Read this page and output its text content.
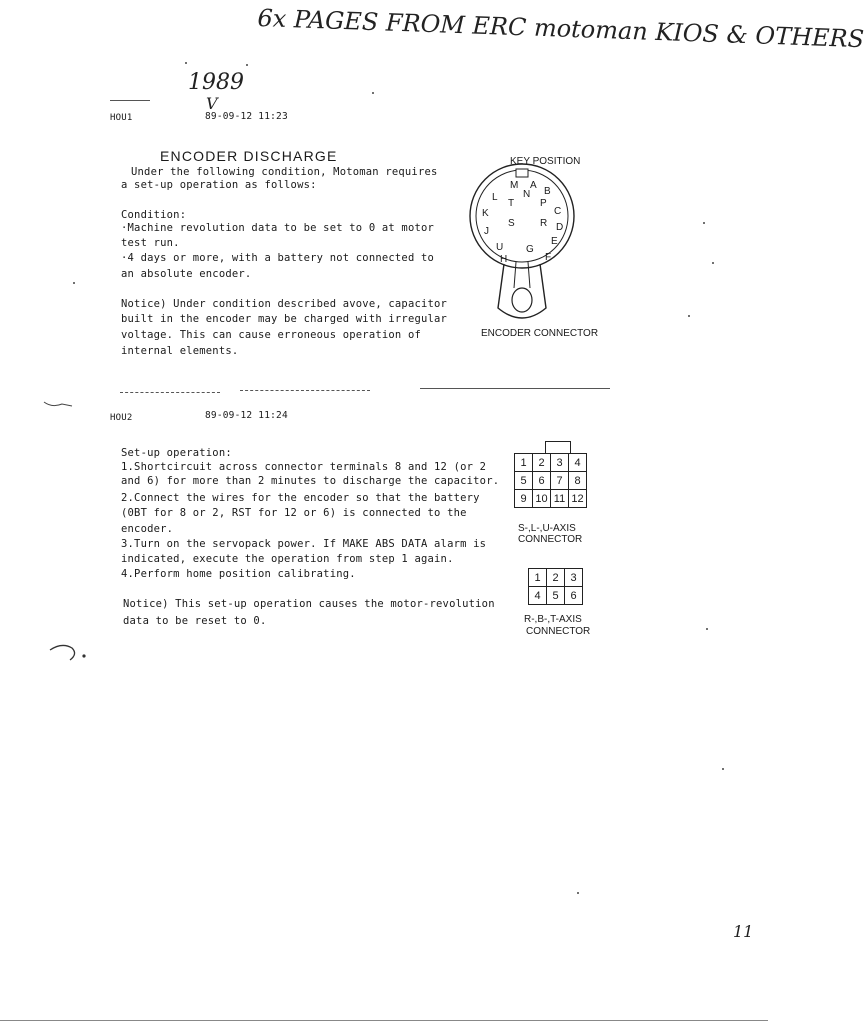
6x PAGES FROM ERC motoman KIOS & OTHERS
1989
V
HOU1	89-09-12 11:23
ENCODER DISCHARGE
Under the following condition, Motoman requires
a set-up operation as follows:
Condition:
·Machine revolution data to be set to 0 at motor
test run.
·4 days or more, with a battery not connected to
an absolute encoder.
Notice) Under condition described avove, capacitor
built in the encoder may be charged with irregular
voltage. This can cause erroneous operation of
internal elements.
KEY POSITION
M A
L	N B
T	P
K	C
S	R D
J
E
U
H
G
F
ENCODER CONNECTOR
HOU2	89-09-12 11:24
Set-up operation:
1.Shortcircuit across connector terminals 8 and 12 (or 2
and 6) for more than 2 minutes to discharge the capacitor.
2.Connect the wires for the encoder so that the battery
(0BT for 8 or 2, RST for 12 or 6) is connected to the
encoder.
3.Turn on the servopack power. If MAKE ABS DATA alarm is
indicated, execute the operation from step 1 again.
4.Perform home position calibrating.
Notice) This set-up operation causes the motor-revolution
data to be reset to 0.
1	2	3	4
5	6	7	8
9	10	11	12
S-,L-,U-AXIS
CONNECTOR
1	2	3
4	5	6
R-,B-,T-AXIS
CONNECTOR
11
